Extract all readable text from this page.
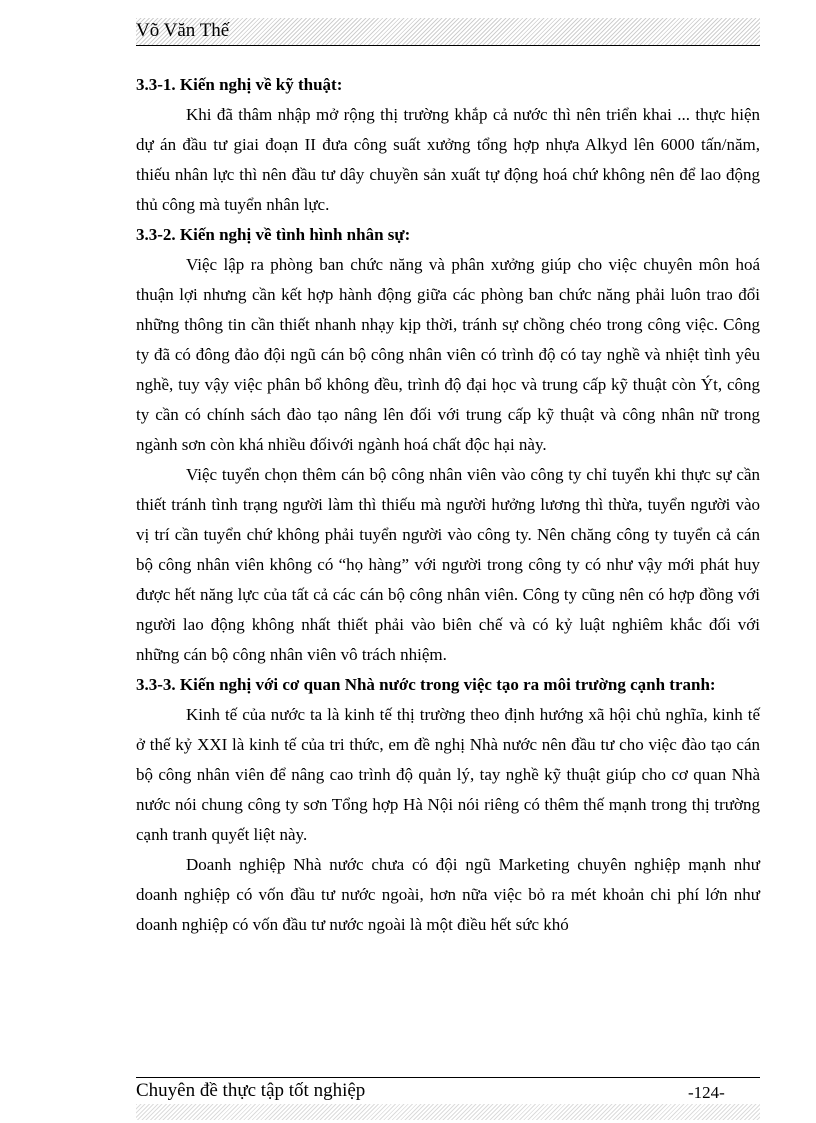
Võ Văn Thế

3.3-1. Kiến nghị về kỹ thuật:

Khi đã thâm nhập mở rộng thị trường khắp cả nước thì nên triển khai ... thực hiện dự án đầu tư giai đoạn II đưa công suất xưởng tổng hợp nhựa Alkyd lên 6000 tấn/năm, thiếu nhân lực thì nên đầu tư dây chuyền sản xuất tự động hoá chứ không nên để lao động thủ công mà tuyển nhân lực.

3.3-2. Kiến nghị về tình hình nhân sự:

Việc lập ra phòng ban chức năng và phân xưởng giúp cho việc chuyên môn hoá thuận lợi nhưng cần kết hợp hành động giữa các phòng ban chức năng phải luôn trao đổi những thông tin cần thiết nhanh nhạy kịp thời, tránh sự chồng chéo trong công việc. Công ty đã có đông đảo đội ngũ cán bộ công nhân viên có trình độ có tay nghề và nhiệt tình yêu nghề, tuy vậy việc phân bổ không đều, trình độ đại học và trung cấp kỹ thuật còn Ýt, công ty cần có chính sách đào tạo nâng lên đối với trung cấp kỹ thuật và công nhân nữ trong ngành sơn còn khá nhiều đốivới ngành hoá chất độc hại này.

Việc tuyển chọn thêm cán bộ công nhân viên vào công ty chỉ tuyển khi thực sự cần thiết tránh tình trạng người làm thì thiếu mà người hưởng lương thì thừa, tuyển người vào vị trí cần tuyển chứ không phải tuyển người vào công ty. Nên chăng công ty tuyển cả cán bộ công nhân viên không có “họ hàng” với người trong công ty có như vậy mới phát huy được hết năng lực của tất cả các cán bộ công nhân viên. Công ty cũng nên có hợp đồng với người lao động không nhất thiết phải vào biên chế và có kỷ luật nghiêm khắc đối với những cán bộ công nhân viên vô trách nhiệm.

3.3-3. Kiến nghị với cơ quan Nhà nước trong việc tạo ra môi trường cạnh tranh:

Kinh tế của nước ta là kinh tế thị trường theo định hướng xã hội chủ nghĩa, kinh tế ở thế kỷ XXI là kinh tế của tri thức, em đề nghị Nhà nước nên đầu tư cho việc đào tạo cán bộ công nhân viên để nâng cao trình độ quản lý, tay nghề kỹ thuật giúp cho cơ quan Nhà nước nói chung công ty sơn Tổng hợp Hà Nội nói riêng có thêm thế mạnh trong thị trường cạnh tranh quyết liệt này.

Doanh nghiệp Nhà nước chưa có đội ngũ Marketing chuyên nghiệp mạnh như doanh nghiệp có vốn đầu tư nước ngoài, hơn nữa việc bỏ ra mét khoản chi phí lớn như doanh nghiệp có vốn đầu tư nước ngoài là một điều hết sức khó

Chuyên đề thực tập tốt nghiệp	-124-
